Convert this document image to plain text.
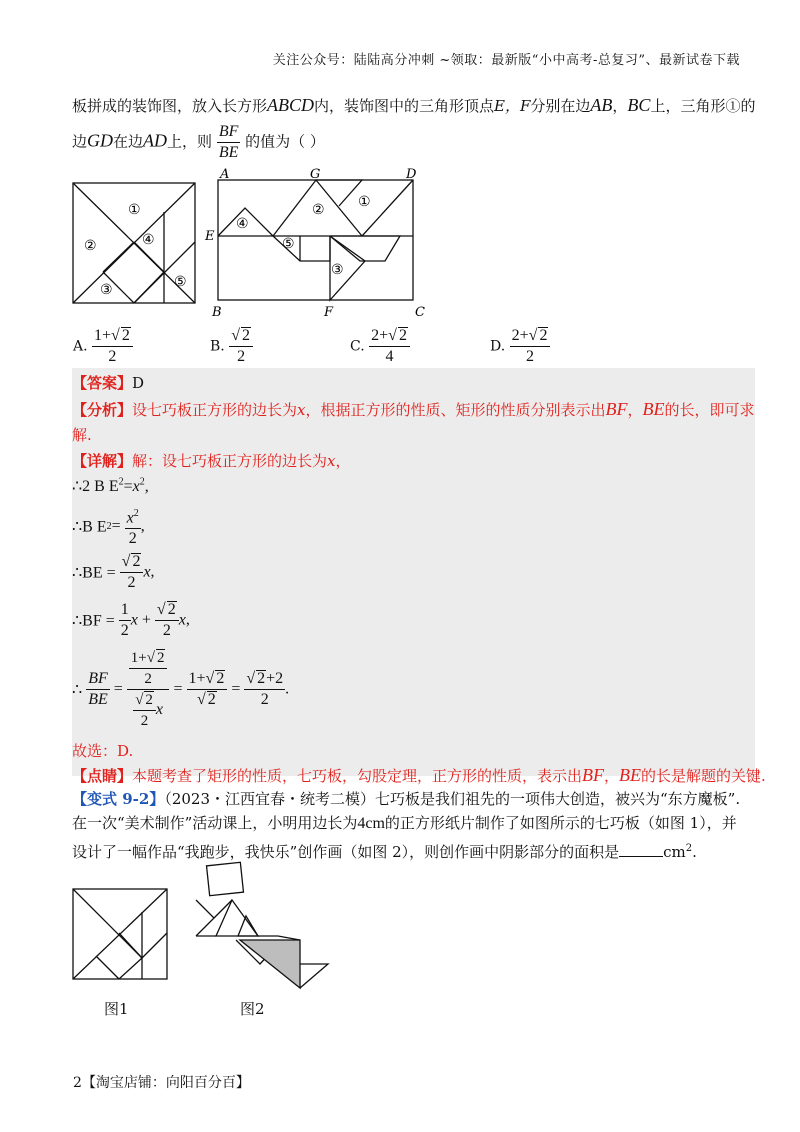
关注公众号：陆陆高分冲刺 ~领取：最新版“小中高考-总复习”、最新试卷下载
板拼成的装饰图，放入长方形ABCD内，装饰图中的三角形顶点E，F分别在边AB，BC上，三角形①的
边GD在边AD上，则 $\frac{BF}{BE}$ 的值为（ ）
①
②
③
④
⑤
A	G	D
E
B	F	C
①
②
③
④
⑤
A. $\frac{1+√ 2}{2}$	B. $\frac{√ 2}{2}$	C. $\frac{2+√ 2}{4}$	D. $\frac{2+√ 2}{2}$
【答案】D
【分析】设七巧板正方形的边长为x，根据正方形的性质、矩形的性质分别表示出BF，BE的长，即可求
解.
【详解】解：设七巧板正方形的边长为x，
∴2 B $E^2=x^2$,
∴B $E2= \frac{x^2}{2}$ ,
∴BE = $\frac{√ 2}{2} x$,
∴BF = $\frac{1}{2}$ $x + \frac{√ 2}{2} x$,
∴ $\frac{BF}{BE} = \frac{\frac{1+√ 2}{2}}{\frac{√ 2}{2} x} = \frac{1+√ 2}{√ 2} = \frac{√ 2+2}{2}$ .
故选：D.
【点睛】本题考查了矩形的性质，七巧板，勾股定理，正方形的性质，表示出BF，BE的长是解题的关键.
【变式 9-2】（2023・江西宜春・统考二模）七巧板是我们祖先的一项伟大创造，被兴为“东方魔板”.
在一次“美术制作”活动课上，小明用边长为4cm的正方形纸片制作了如图所示的七巧板（如图 1），并
设计了一幅作品“我跑步，我快乐”创作画（如图 2），则创作画中阴影部分的面积是	$cm^2$.
图1	图2
2【淘宝店铺：向阳百分百】
